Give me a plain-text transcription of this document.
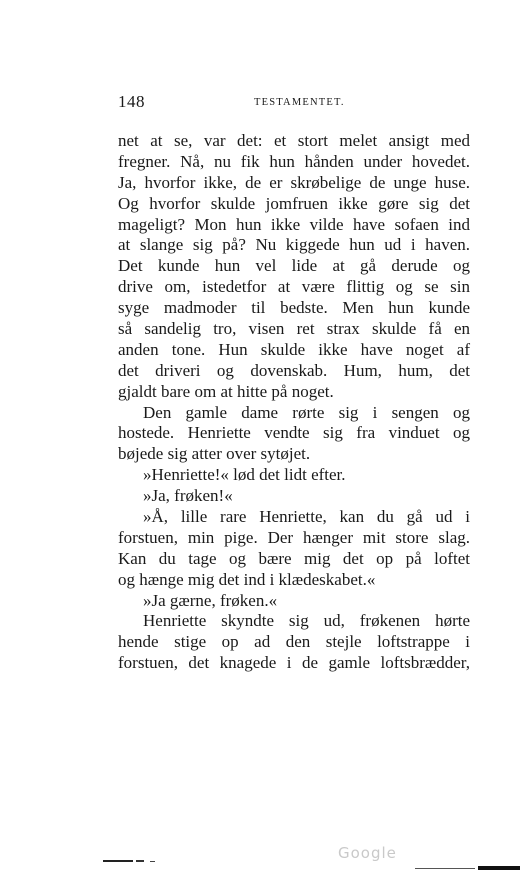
148	TESTAMENTET.
net at se, var det: et stort melet ansigt med
fregner. Nå, nu fik hun hånden under hovedet.
Ja, hvorfor ikke, de er skrøbelige de unge huse.
Og hvorfor skulde jomfruen ikke gøre sig det
mageligt? Mon hun ikke vilde have sofaen ind
at slange sig på? Nu kiggede hun ud i haven.
Det kunde hun vel lide at gå derude og
drive om, istedetfor at være flittig og se sin
syge madmoder til bedste. Men hun kunde
så sandelig tro, visen ret strax skulde få en
anden tone. Hun skulde ikke have noget af
det driveri og dovenskab. Hum, hum, det
gjaldt bare om at hitte på noget.
Den gamle dame rørte sig i sengen og
hostede. Henriette vendte sig fra vinduet og
bøjede sig atter over sytøjet.
»Henriette!« lød det lidt efter.
»Ja, frøken!«
»Å, lille rare Henriette, kan du gå ud i
forstuen, min pige. Der hænger mit store slag.
Kan du tage og bære mig det op på loftet
og hænge mig det ind i klædeskabet.«
»Ja gærne, frøken.«
Henriette skyndte sig ud, frøkenen hørte
hende stige op ad den stejle loftstrappe i
forstuen, det knagede i de gamle loftsbrædder,
Google
